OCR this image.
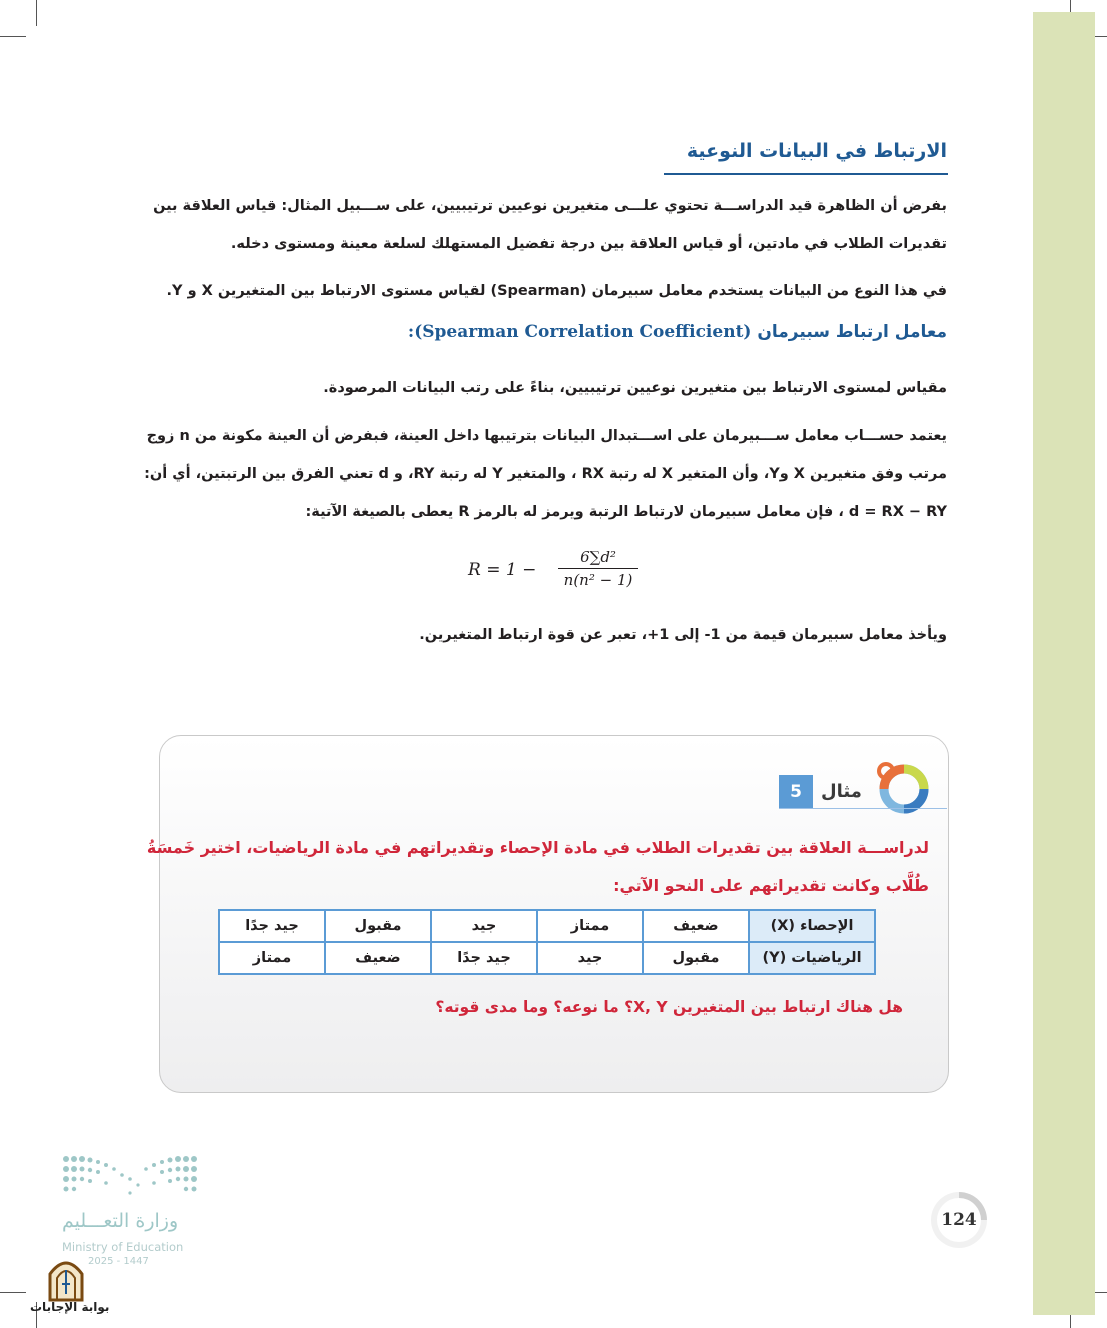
الارتباط في البيانات النوعية
بفرض أن الظاهرة قيد الدراســـة تحتوي علـــى متغيرين نوعيين ترتيبيين، على ســـبيل المثال: قياس العلاقة بين
تقديرات الطلاب في مادتين، أو قياس العلاقة بين درجة تفضيل المستهلك لسلعة معينة ومستوى دخله.
في هذا النوع من البيانات يستخدم معامل سبيرمان (Spearman) لقياس مستوى الارتباط بين المتغيرين X و Y.
معامل ارتباط سبيرمان (Spearman Correlation Coefficient):
مقياس لمستوى الارتباط بين متغيرين نوعيين ترتيبيين، بناءً على رتب البيانات المرصودة.
يعتمد حســـاب معامل ســـبيرمان على اســـتبدال البيانات بترتيبها داخل العينة، فبفرض أن العينة مكونة من n زوج
مرتب وفق متغيرين X وY، وأن المتغير X له رتبة RX ، والمتغير Y له رتبة RY، و d تعني الفرق بين الرتبتين، أي أن:
d = RX − RY ، فإن معامل سبيرمان لارتباط الرتبة ويرمز له بالرمز R يعطى بالصيغة الآتية:
$R = 1 - \frac{\text{6∑d²}}{\text{n(n² − 1)}}$
ويأخذ معامل سبيرمان قيمة من 1- إلى 1+، تعبر عن قوة ارتباط المتغيرين.
5	مثال
لدراســـة العلاقة بين تقديرات الطلاب في مادة الإحصاء وتقديراتهم في مادة الرياضيات، اختير خَمسَةُ
طُلَّاب وكانت تقديراتهم على النحو الآتي:
الإحصاء (X)	ضعيف	ممتاز	جيد	مقبول	جيد جدًا
الرياضيات (Y)	مقبول	جيد	جيد جدًا	ضعيف	ممتاز
هل هناك ارتباط بين المتغيرين X, Y؟ ما نوعه؟ وما مدى قوته؟
124
وزارة التعـــليم
Ministry of Education
2025 - 1447
بوابة الإجابات
